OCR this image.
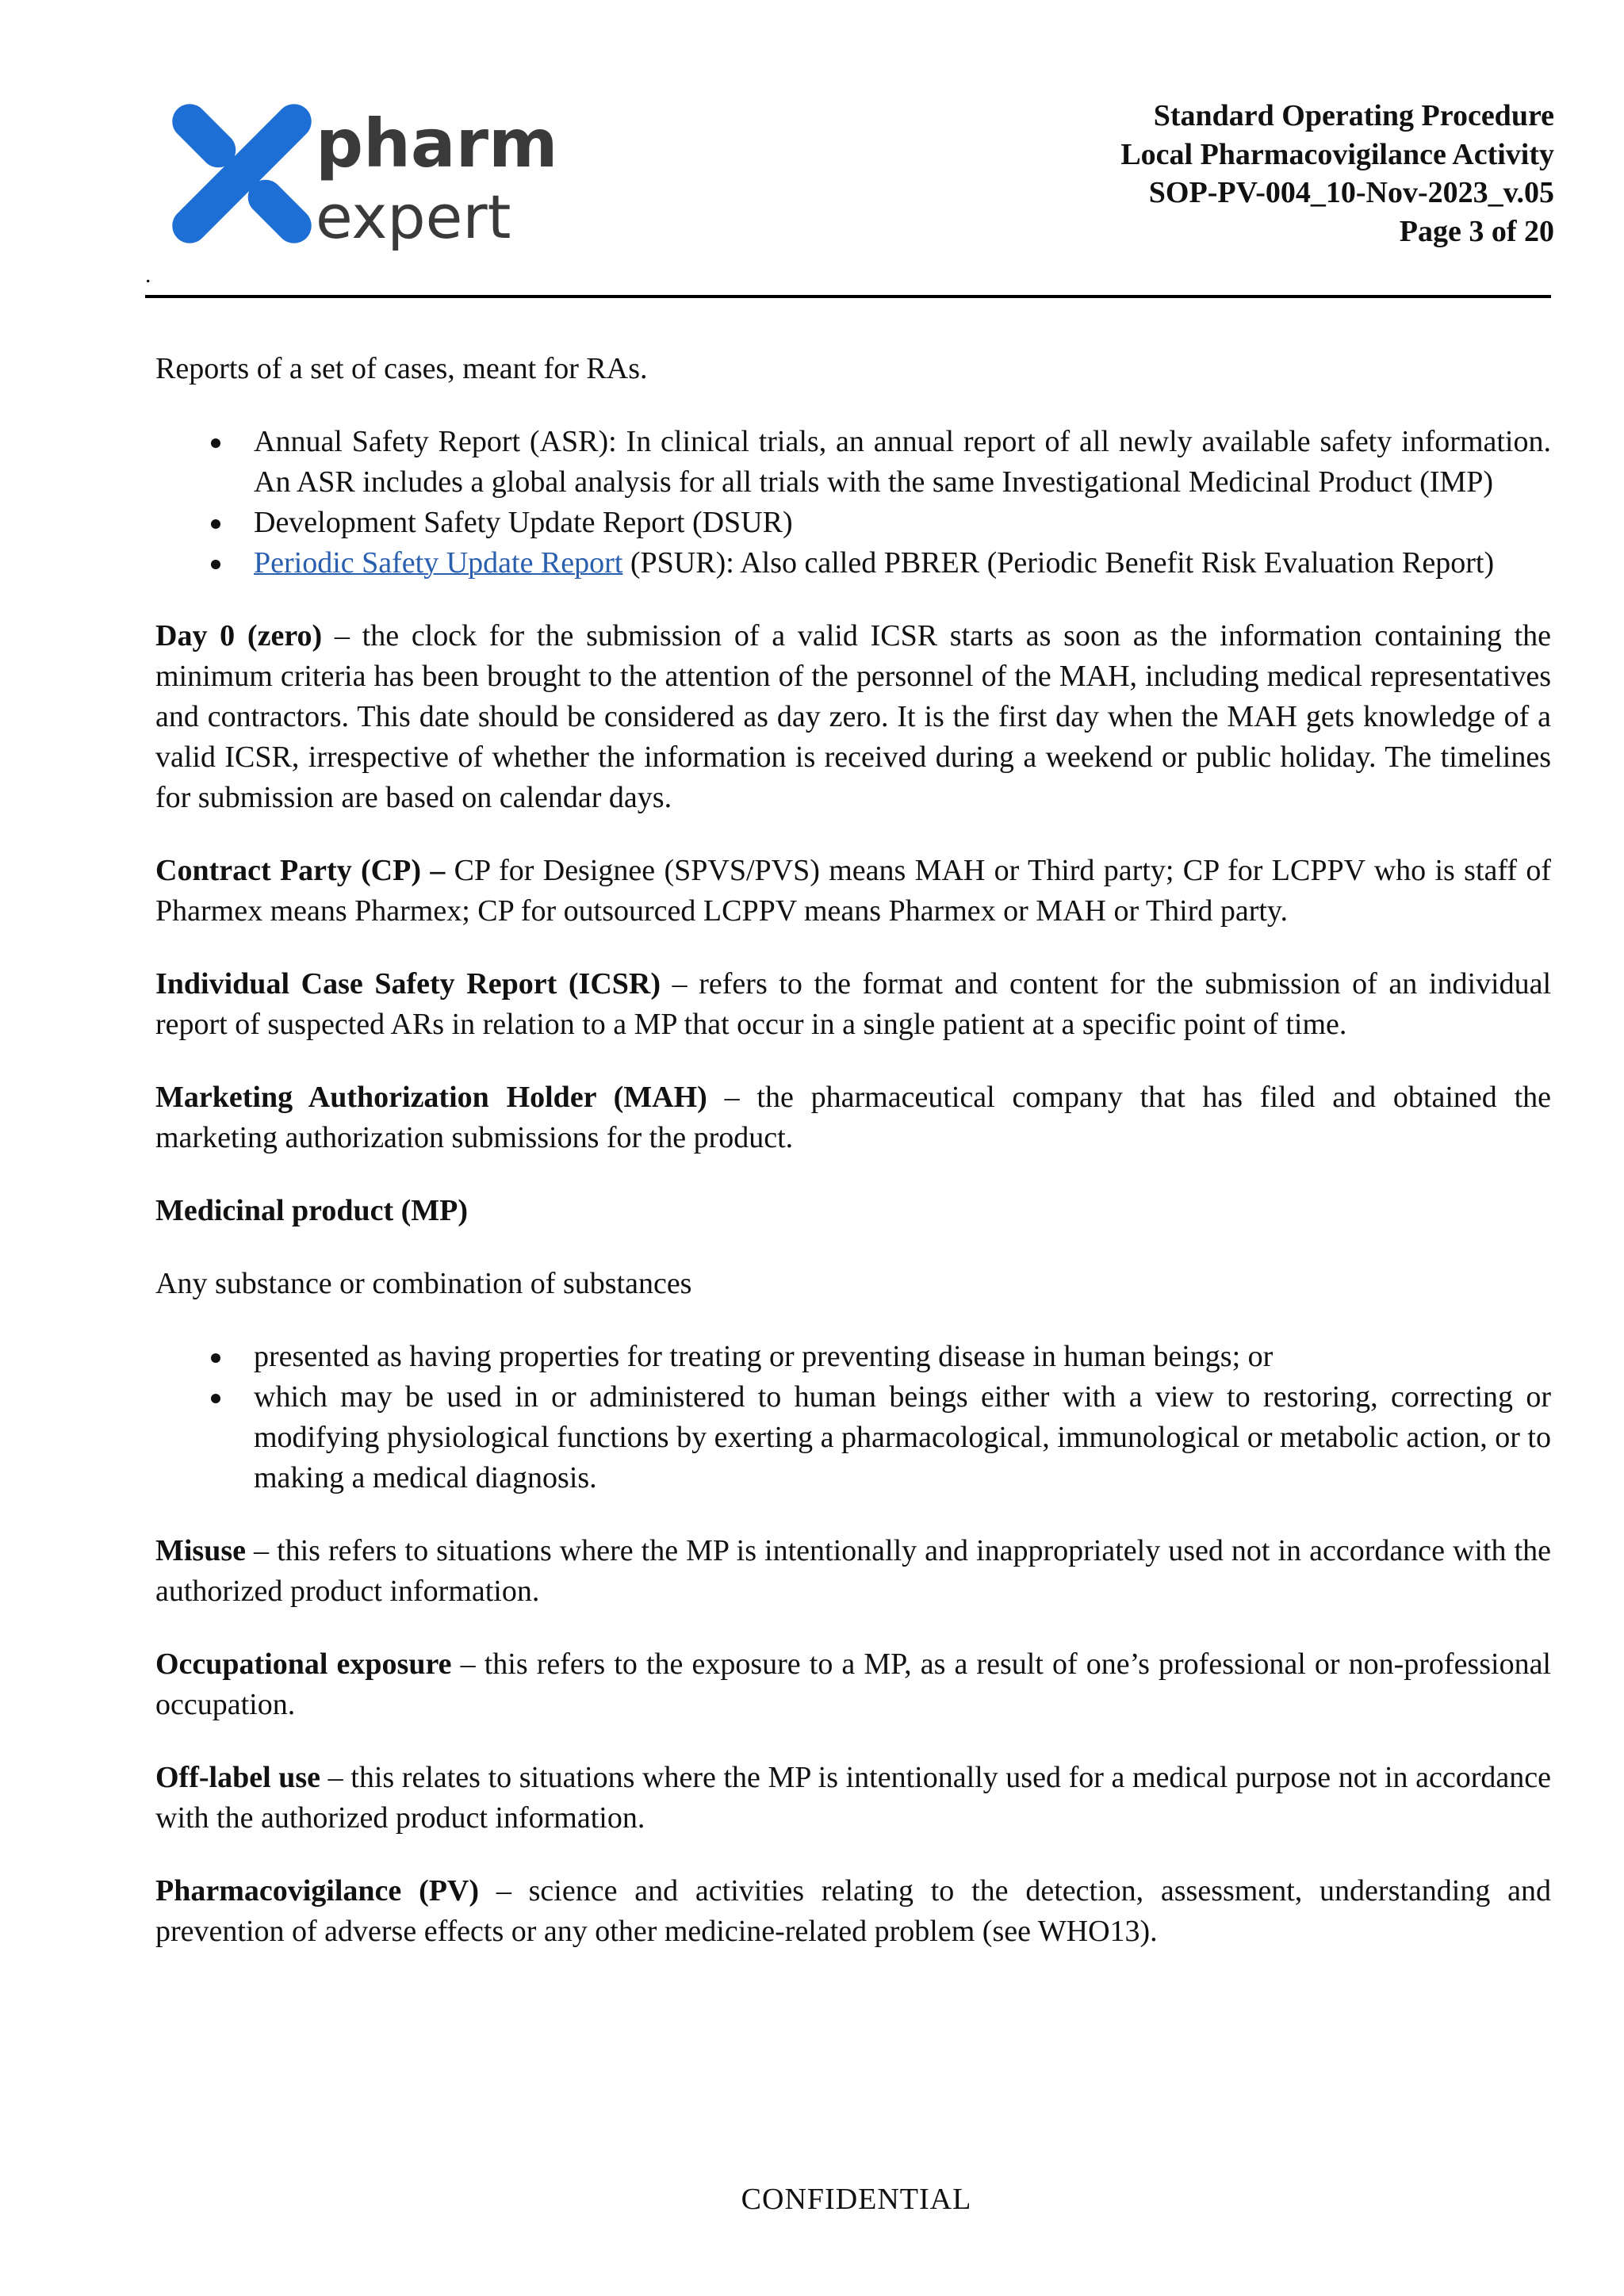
pharm
expert
Standard Operating Procedure
Local Pharmacovigilance Activity
SOP-PV-004_10-Nov-2023_v.05
Page 3 of 20
.

Reports of a set of cases, meant for RAs.

Annual Safety Report (ASR): In clinical trials, an annual report of all newly available safety information. An ASR includes a global analysis for all trials with the same Investigational Medicinal Product (IMP)
Development Safety Update Report (DSUR)
Periodic Safety Update Report (PSUR): Also called PBRER (Periodic Benefit Risk Evaluation Report)

Day 0 (zero) – the clock for the submission of a valid ICSR starts as soon as the information containing the minimum criteria has been brought to the attention of the personnel of the MAH, including medical representatives and contractors. This date should be considered as day zero. It is the first day when the MAH gets knowledge of a valid ICSR, irrespective of whether the information is received during a weekend or public holiday. The timelines for submission are based on calendar days.

Contract Party (CP) – CP for Designee (SPVS/PVS) means MAH or Third party; CP for LCPPV who is staff of Pharmex means Pharmex; CP for outsourced LCPPV means Pharmex or MAH or Third party.

Individual Case Safety Report (ICSR) – refers to the format and content for the submission of an individual report of suspected ARs in relation to a MP that occur in a single patient at a specific point of time.

Marketing Authorization Holder (MAH) – the pharmaceutical company that has filed and obtained the marketing authorization submissions for the product.

Medicinal product (MP)

Any substance or combination of substances

presented as having properties for treating or preventing disease in human beings; or
which may be used in or administered to human beings either with a view to restoring, correcting or modifying physiological functions by exerting a pharmacological, immunological or metabolic action, or to making a medical diagnosis.

Misuse – this refers to situations where the MP is intentionally and inappropriately used not in accordance with the authorized product information.

Occupational exposure – this refers to the exposure to a MP, as a result of one’s professional or non-professional occupation.

Off-label use – this relates to situations where the MP is intentionally used for a medical purpose not in accordance with the authorized product information.

Pharmacovigilance (PV) – science and activities relating to the detection, assessment, understanding and prevention of adverse effects or any other medicine-related problem (see WHO13).

CONFIDENTIAL
